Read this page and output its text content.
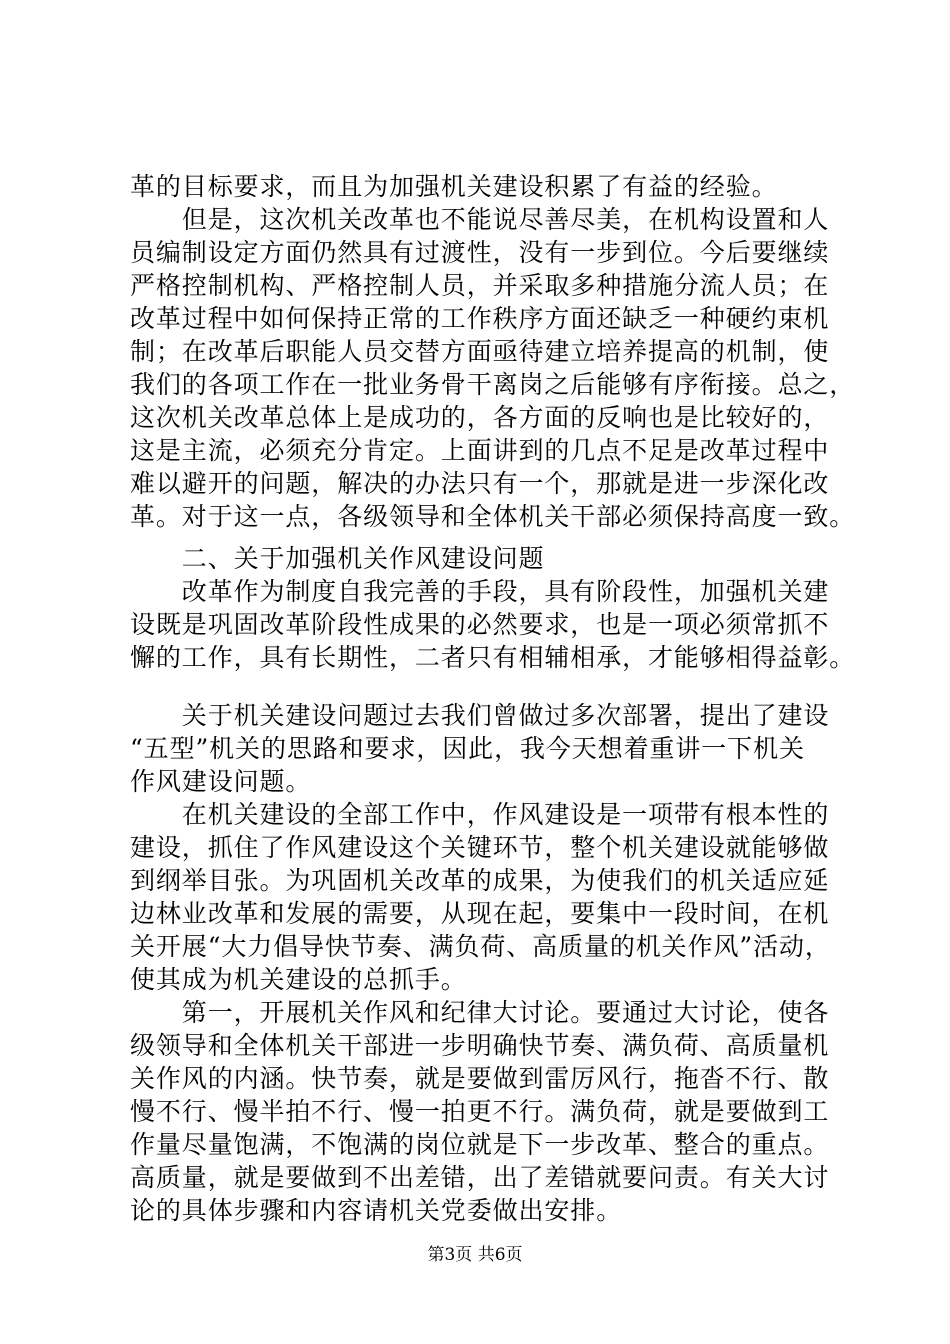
革的目标要求，而且为加强机关建设积累了有益的经验。
　　但是，这次机关改革也不能说尽善尽美，在机构设置和人
员编制设定方面仍然具有过渡性，没有一步到位。今后要继续
严格控制机构、严格控制人员，并采取多种措施分流人员；在
改革过程中如何保持正常的工作秩序方面还缺乏一种硬约束机
制；在改革后职能人员交替方面亟待建立培养提高的机制，使
我们的各项工作在一批业务骨干离岗之后能够有序衔接。总之，
这次机关改革总体上是成功的，各方面的反响也是比较好的，
这是主流，必须充分肯定。上面讲到的几点不足是改革过程中
难以避开的问题，解决的办法只有一个，那就是进一步深化改
革。对于这一点，各级领导和全体机关干部必须保持高度一致。
　　二、关于加强机关作风建设问题
　　改革作为制度自我完善的手段，具有阶段性，加强机关建
设既是巩固改革阶段性成果的必然要求，也是一项必须常抓不
懈的工作，具有长期性，二者只有相辅相承，才能够相得益彰。
　　关于机关建设问题过去我们曾做过多次部署，提出了建设
“五型”机关的思路和要求，因此，我今天想着重讲一下机关
作风建设问题。
　　在机关建设的全部工作中，作风建设是一项带有根本性的
建设，抓住了作风建设这个关键环节，整个机关建设就能够做
到纲举目张。为巩固机关改革的成果，为使我们的机关适应延
边林业改革和发展的需要，从现在起，要集中一段时间，在机
关开展“大力倡导快节奏、满负荷、高质量的机关作风”活动，
使其成为机关建设的总抓手。
　　第一，开展机关作风和纪律大讨论。要通过大讨论，使各
级领导和全体机关干部进一步明确快节奏、满负荷、高质量机
关作风的内涵。快节奏，就是要做到雷厉风行，拖沓不行、散
慢不行、慢半拍不行、慢一拍更不行。满负荷，就是要做到工
作量尽量饱满，不饱满的岗位就是下一步改革、整合的重点。
高质量，就是要做到不出差错，出了差错就要问责。有关大讨
论的具体步骤和内容请机关党委做出安排。
第3页 共6页
